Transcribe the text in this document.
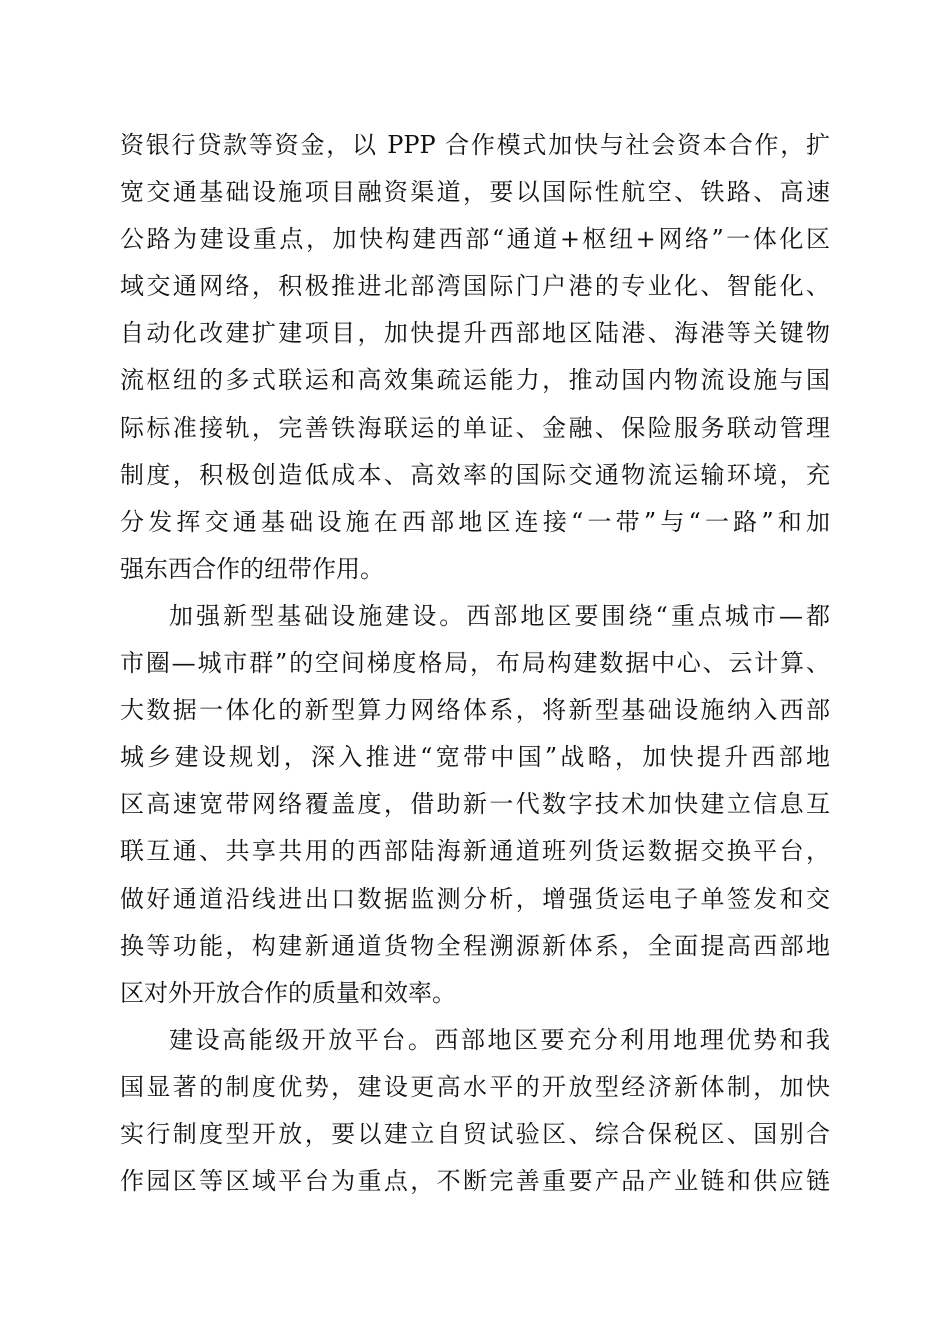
资银行贷款等资金，以 PPP 合作模式加快与社会资本合作，扩
宽交通基础设施项目融资渠道，要以国际性航空、铁路、高速
公路为建设重点，加快构建西部“通道+枢纽+网络”一体化区
域交通网络，积极推进北部湾国际门户港的专业化、智能化、
自动化改建扩建项目，加快提升西部地区陆港、海港等关键物
流枢纽的多式联运和高效集疏运能力，推动国内物流设施与国
际标准接轨，完善铁海联运的单证、金融、保险服务联动管理
制度，积极创造低成本、高效率的国际交通物流运输环境，充
分发挥交通基础设施在西部地区连接“一带”与“一路”和加
强东西合作的纽带作用。
加强新型基础设施建设。西部地区要围绕“重点城市—都
市圈—城市群”的空间梯度格局，布局构建数据中心、云计算、
大数据一体化的新型算力网络体系，将新型基础设施纳入西部
城乡建设规划，深入推进“宽带中国”战略，加快提升西部地
区高速宽带网络覆盖度，借助新一代数字技术加快建立信息互
联互通、共享共用的西部陆海新通道班列货运数据交换平台，
做好通道沿线进出口数据监测分析，增强货运电子单签发和交
换等功能，构建新通道货物全程溯源新体系，全面提高西部地
区对外开放合作的质量和效率。
建设高能级开放平台。西部地区要充分利用地理优势和我
国显著的制度优势，建设更高水平的开放型经济新体制，加快
实行制度型开放，要以建立自贸试验区、综合保税区、国别合
作园区等区域平台为重点，不断完善重要产品产业链和供应链
